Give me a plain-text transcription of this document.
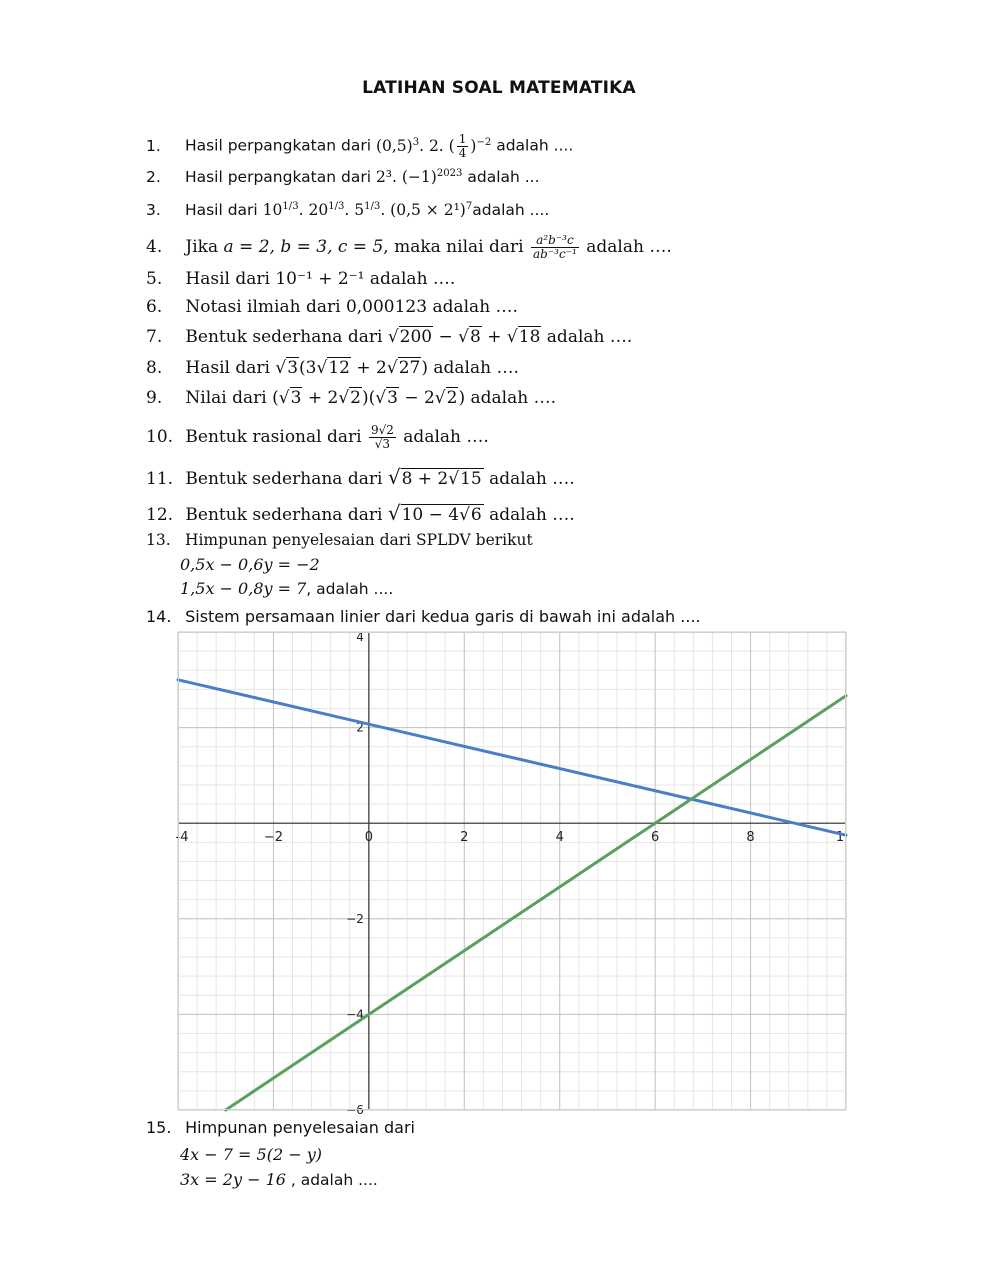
LATIHAN SOAL MATEMATIKA
1. Hasil perpangkatan dari $(0,5)^3$. 2. ( $\frac{1}{4} )^{-2}$ adalah ....
2. Hasil perpangkatan dari 2³. $(-1)^{2023}$ adalah ...
3. Hasil dari $10^{1/3}$. $20^{1/3}$. $5^{1/3}$. $(0,5 \times 2^1)^7adalah$ ....
4. Jika a = 2, b = 3, c = 5, maka nilai dari $\frac{\text{a²b⁻³c}}{\text{ab⁻³c⁻¹}}$ adalah ….
5. Hasil dari 10⁻¹ + 2⁻¹ adalah ….
6. Notasi ilmiah dari 0,000123 adalah ….
7. Bentuk sederhana dari √200 − √8 + √18 adalah ….
8. Hasil dari √3(3√12 + 2√27) adalah ….
9. Nilai dari (√3 + 2√2)(√3 − 2√2) adalah ….
10. Bentuk rasional dari $\frac{9√2}{√3}$ adalah ….
11. Bentuk sederhana dari √8 + 2√15 adalah ….
12. Bentuk sederhana dari √10 − 4√6 adalah ….
13. Himpunan penyelesaian dari SPLDV berikut
0,5x − 0,6y = −2
1,5x − 0,8y = 7, adalah ....
14. Sistem persamaan linier dari kedua garis di bawah ini adalah ....
-4	−2	0	2	4	6	8	1
4
2
−2
−4
−6
15. Himpunan penyelesaian dari
4x − 7 = 5(2 − y)
3x = 2y − 16 , adalah ....
